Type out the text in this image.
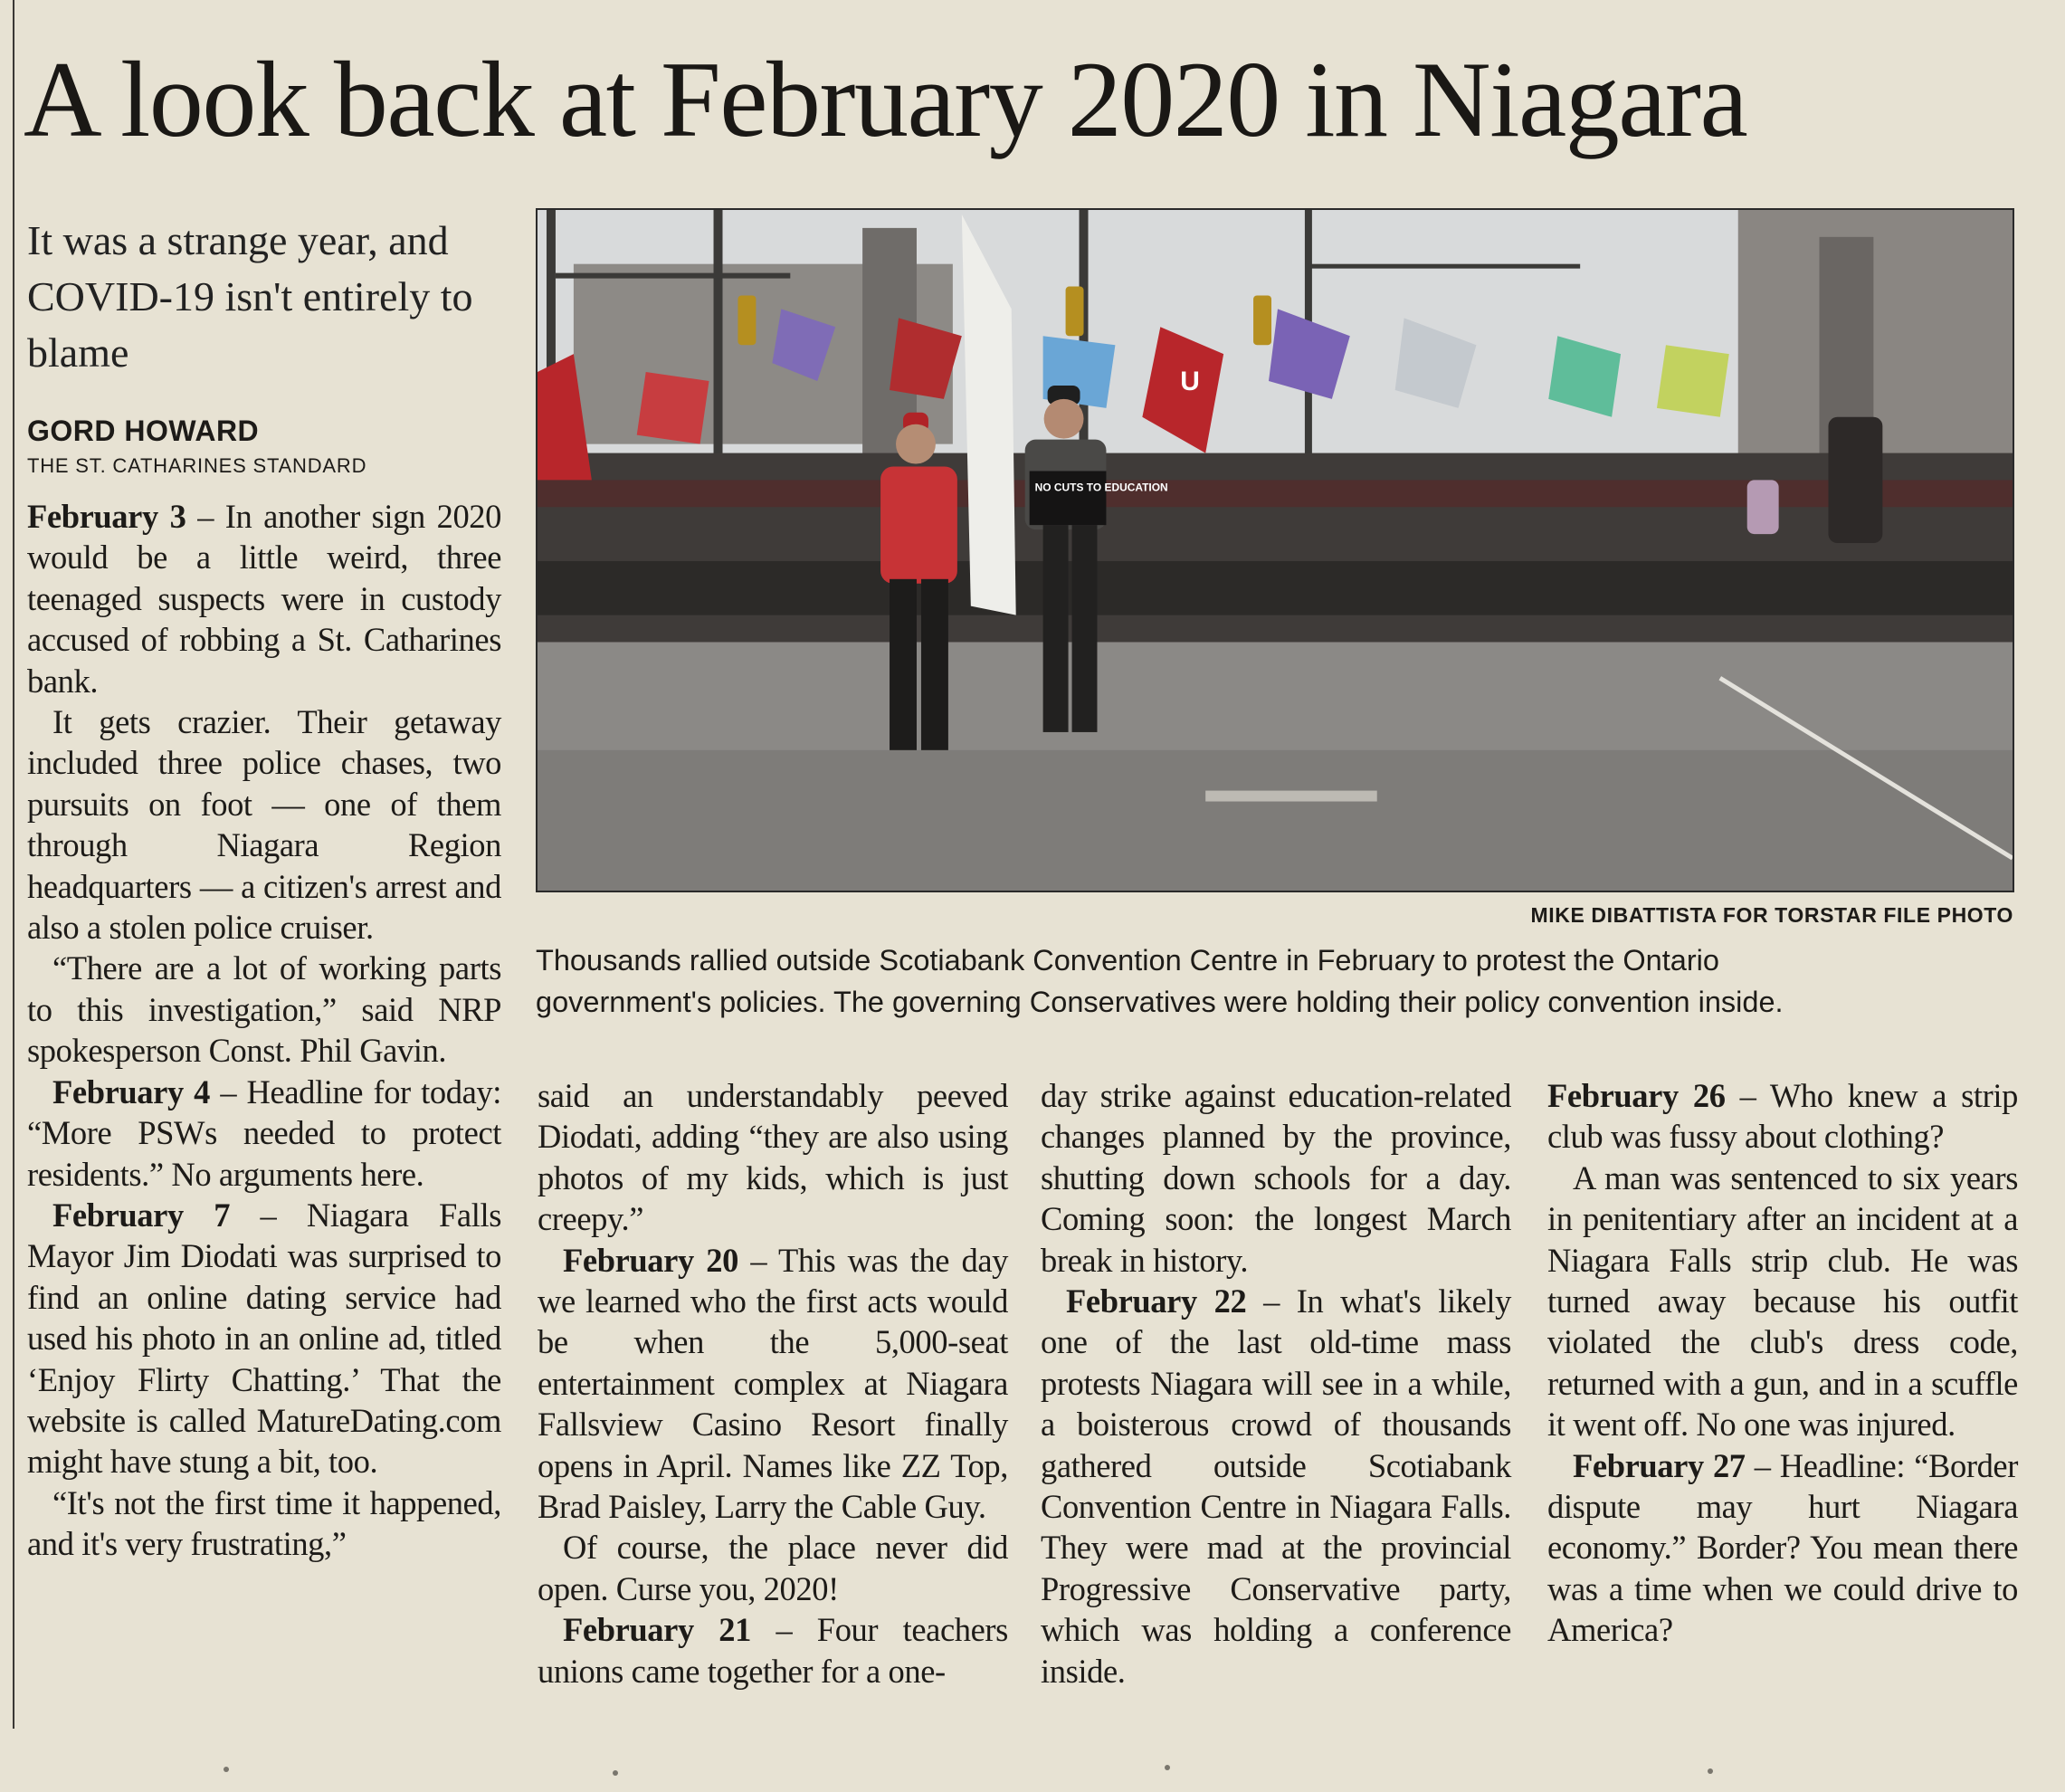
A look back at February 2020 in Niagara
It was a strange year, and COVID-19 isn't entirely to blame
GORD HOWARD
THE ST. CATHARINES STANDARD
U
NO CUTS TO EDUCATION
MIKE DIBATTISTA FOR TORSTAR FILE PHOTO
Thousands rallied outside Scotiabank Convention Centre in February to protest the Ontario
government's policies. The governing Conservatives were holding their policy convention inside.

February 3 – In another sign 2020 would be a little weird, three teenaged suspects were in custody accused of robbing a St. Catharines bank.

It gets crazier. Their getaway included three police chases, two pursuits on foot — one of them through Niagara Region headquarters — a citizen's arrest and also a stolen police cruiser.

“There are a lot of working parts to this investigation,” said NRP spokesperson Const. Phil Gavin.

February 4 – Headline for today: “More PSWs needed to protect residents.” No arguments here.

February 7 – Niagara Falls Mayor Jim Diodati was surprised to find an online dating service had used his photo in an online ad, titled ‘Enjoy Flirty Chatting.’ That the website is called MatureDating.com might have stung a bit, too.

“It's not the first time it happened, and it's very frustrating,”

said an understandably peeved Diodati, adding “they are also using photos of my kids, which is just creepy.”

February 20 – This was the day we learned who the first acts would be when the 5,000-seat entertainment complex at Niagara Fallsview Casino Resort finally opens in April. Names like ZZ Top, Brad Paisley, Larry the Cable Guy.

Of course, the place never did open. Curse you, 2020!

February 21 – Four teachers unions came together for a one-

day strike against education-related changes planned by the province, shutting down schools for a day. Coming soon: the longest March break in history.

February 22 – In what's likely one of the last old-time mass protests Niagara will see in a while, a boisterous crowd of thousands gathered outside Scotiabank Convention Centre in Niagara Falls. They were mad at the provincial Progressive Conservative party, which was holding a conference inside.

February 26 – Who knew a strip club was fussy about clothing?

A man was sentenced to six years in penitentiary after an incident at a Niagara Falls strip club. He was turned away because his outfit violated the club's dress code, returned with a gun, and in a scuffle it went off. No one was injured.

February 27 – Headline: “Border dispute may hurt Niagara economy.” Border? You mean there was a time when we could drive to America?
